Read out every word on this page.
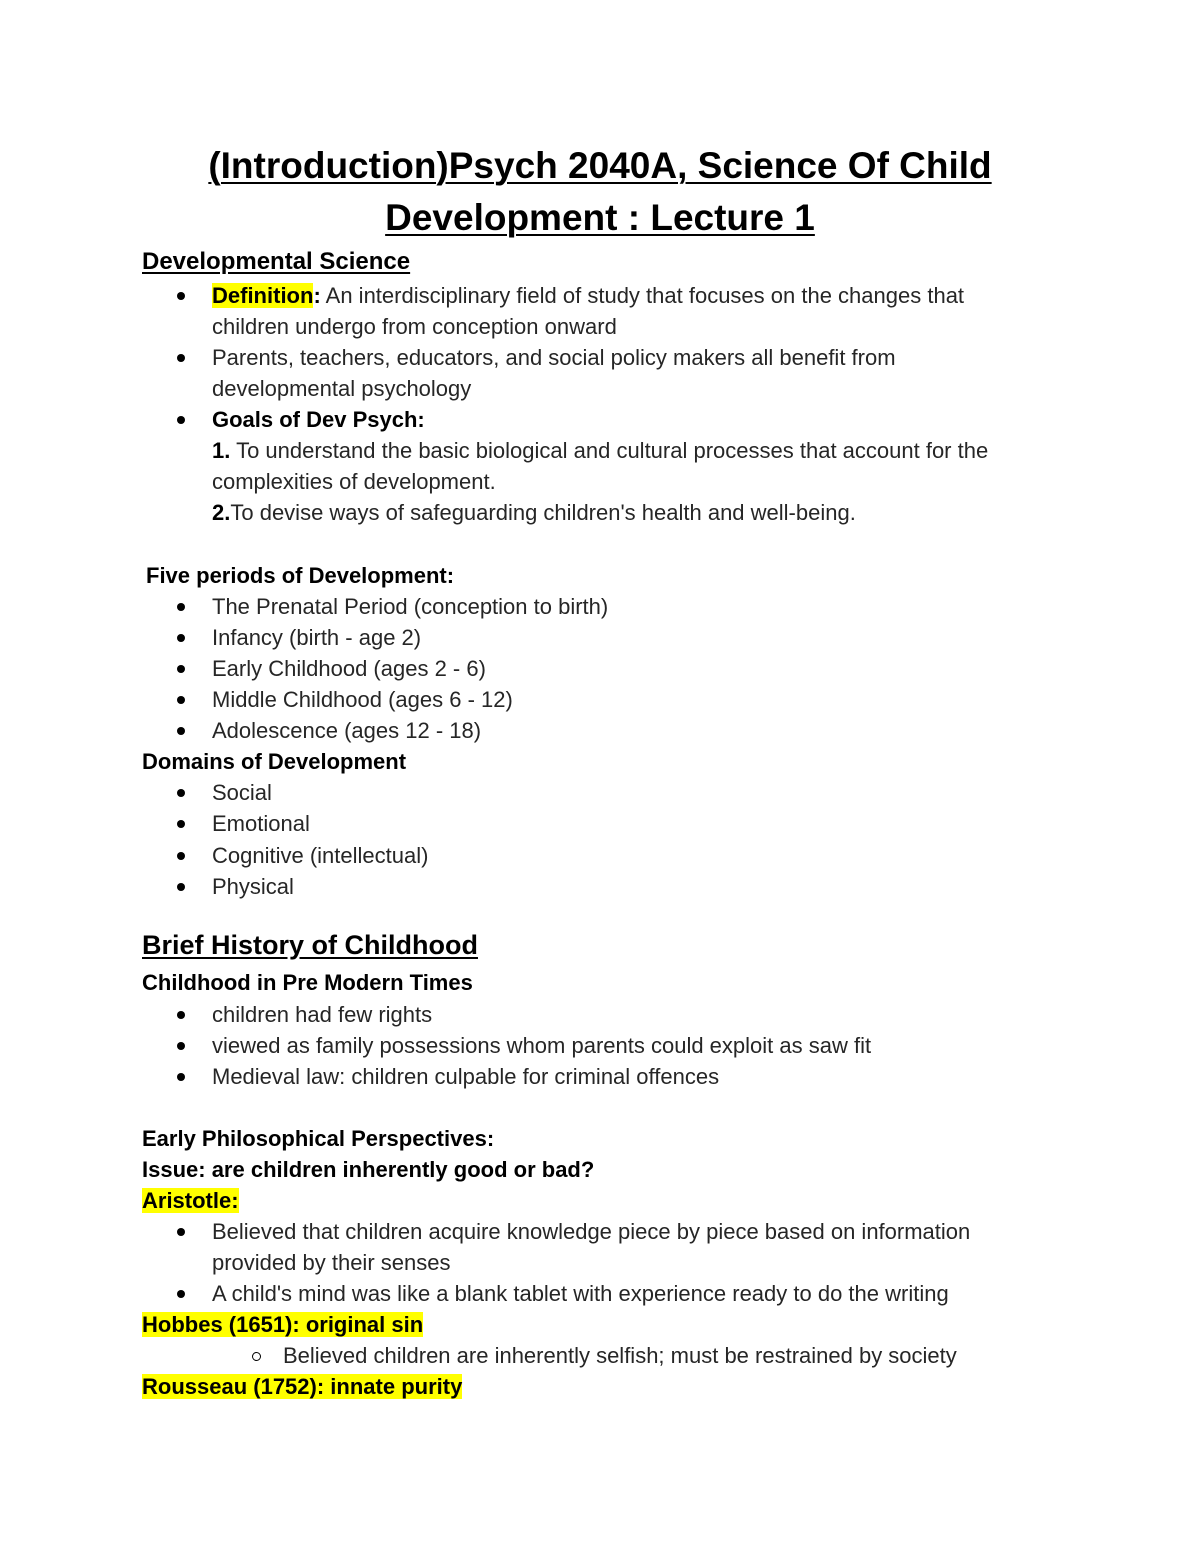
(Introduction)Psych 2040A, Science Of Child Development : Lecture 1
Developmental Science
Definition: An interdisciplinary field of study that focuses on the changes that
children undergo from conception onward
Parents, teachers, educators, and social policy makers all benefit from
developmental psychology
Goals of Dev Psych:
1. To understand the basic biological and cultural processes that account for the
complexities of development.
2.To devise ways of safeguarding children's health and well-being.
Five periods of Development:
The Prenatal Period (conception to birth)
Infancy (birth - age 2)
Early Childhood (ages 2 - 6)
Middle Childhood (ages 6 - 12)
Adolescence (ages 12 - 18)
Domains of Development
Social
Emotional
Cognitive (intellectual)
Physical
Brief History of Childhood
Childhood in Pre Modern Times
children had few rights
viewed as family possessions whom parents could exploit as saw fit
Medieval law: children culpable for criminal offences
Early Philosophical Perspectives:
Issue: are children inherently good or bad?
Aristotle:
Believed that children acquire knowledge piece by piece based on information
provided by their senses
A child's mind was like a blank tablet with experience ready to do the writing
Hobbes (1651): original sin
Believed children are inherently selfish; must be restrained by society
Rousseau (1752): innate purity
